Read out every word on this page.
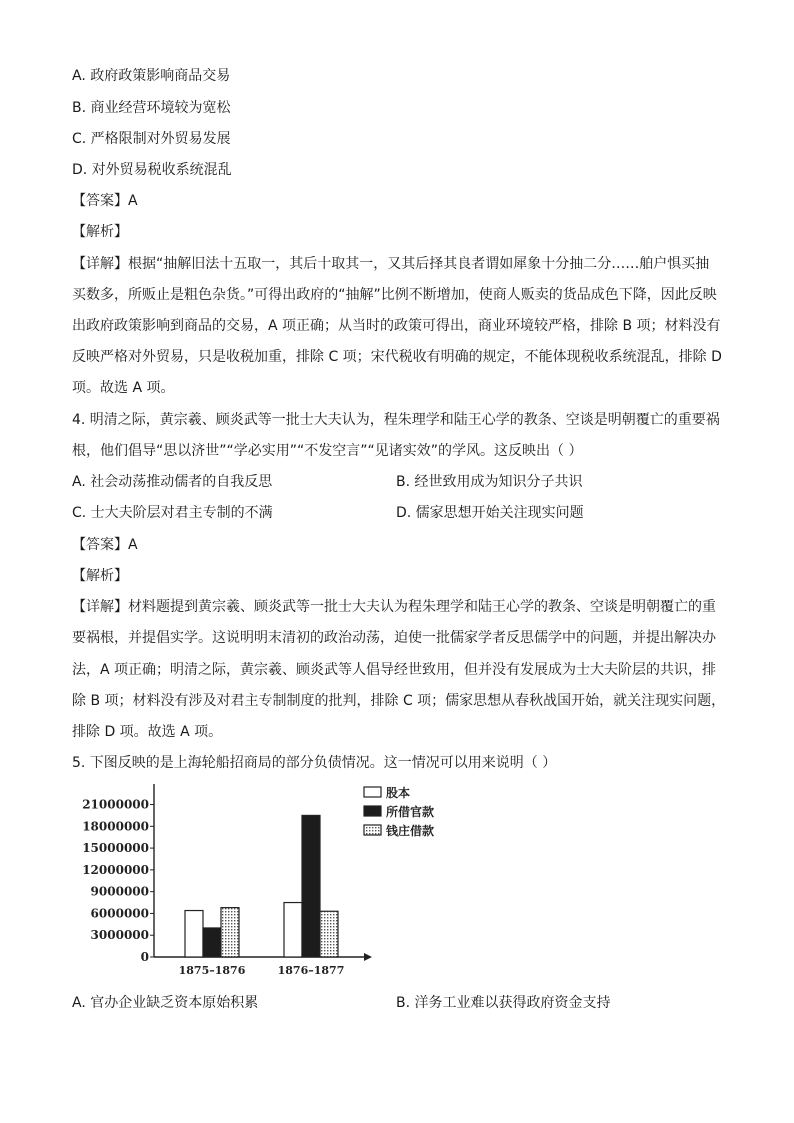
A. 政府政策影响商品交易
B. 商业经营环境较为宽松
C. 严格限制对外贸易发展
D. 对外贸易税收系统混乱
【答案】A
【解析】
【详解】根据“抽解旧法十五取一，其后十取其一，又其后择其良者谓如犀象十分抽二分……舶户惧买抽
买数多，所贩止是粗色杂货。”可得出政府的“抽解”比例不断增加，使商人贩卖的货品成色下降，因此反映
出政府政策影响到商品的交易，A 项正确；从当时的政策可得出，商业环境较严格，排除 B 项；材料没有
反映严格对外贸易，只是收税加重，排除 C 项；宋代税收有明确的规定，不能体现税收系统混乱，排除 D
项。故选 A 项。
4. 明清之际，黄宗羲、顾炎武等一批士大夫认为，程朱理学和陆王心学的教条、空谈是明朝覆亡的重要祸
根，他们倡导“思以济世”“学必实用”“不发空言”“见诸实效”的学风。这反映出（ ）
A. 社会动荡推动儒者的自我反思	B. 经世致用成为知识分子共识
C. 士大夫阶层对君主专制的不满	D. 儒家思想开始关注现实问题
【答案】A
【解析】
【详解】材料题提到黄宗羲、顾炎武等一批士大夫认为程朱理学和陆王心学的教条、空谈是明朝覆亡的重
要祸根，并提倡实学。这说明明末清初的政治动荡，迫使一批儒家学者反思儒学中的问题，并提出解决办
法，A 项正确；明清之际，黄宗羲、顾炎武等人倡导经世致用，但并没有发展成为士大夫阶层的共识，排
除 B 项；材料没有涉及对君主专制制度的批判，排除 C 项；儒家思想从春秋战国开始，就关注现实问题，
排除 D 项。故选 A 项。
5. 下图反映的是上海轮船招商局的部分负债情况。这一情况可以用来说明（ ）
21000000
18000000
15000000
12000000
9000000
6000000
3000000
0
1875–1876	1876–1877
股本
所借官款
钱庄借款
A. 官办企业缺乏资本原始积累	B. 洋务工业难以获得政府资金支持
